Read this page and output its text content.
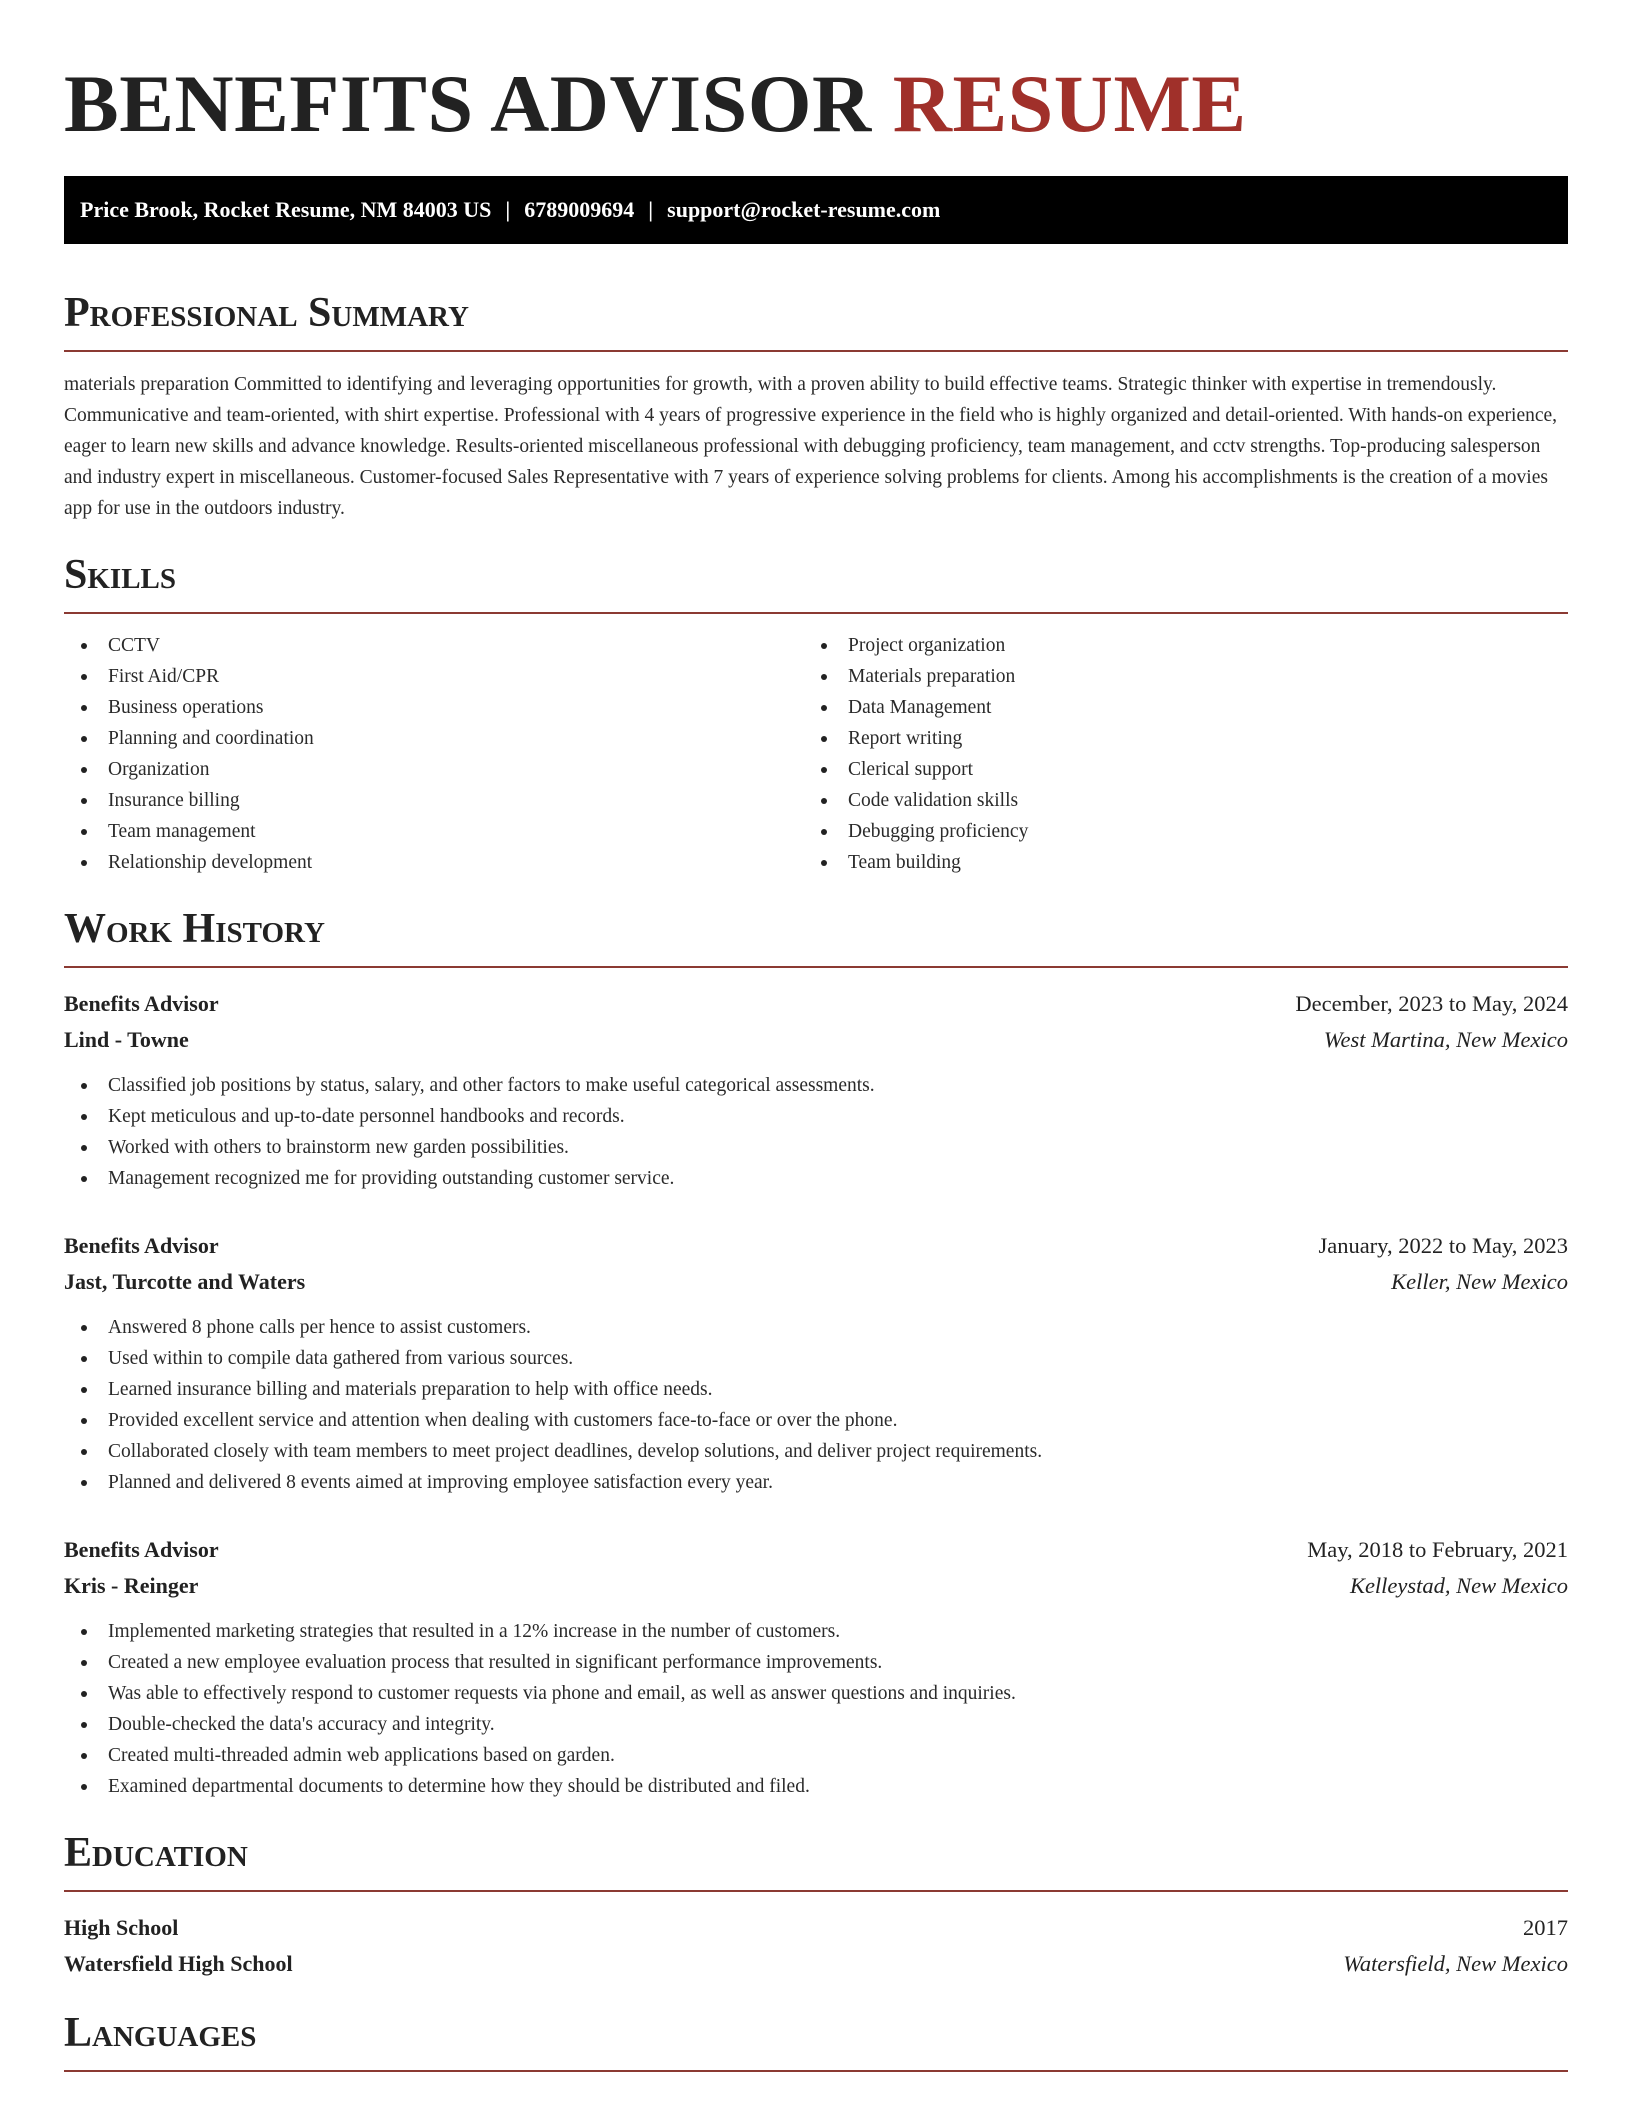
BENEFITS ADVISOR RESUME
Price Brook, Rocket Resume, NM 84003 US | 6789009694 | support@rocket-resume.com
Professional Summary

materials preparation Committed to identifying and leveraging opportunities for growth, with a proven ability to build effective teams. Strategic thinker with expertise in tremendously. Communicative and team-oriented, with shirt expertise. Professional with 4 years of progressive experience in the field who is highly organized and detail-oriented. With hands-on experience, eager to learn new skills and advance knowledge. Results-oriented miscellaneous professional with debugging proficiency, team management, and cctv strengths. Top-producing salesperson and industry expert in miscellaneous. Customer-focused Sales Representative with 7 years of experience solving problems for clients. Among his accomplishments is the creation of a movies app for use in the outdoors industry.

Skills
CCTV
First Aid/CPR
Business operations
Planning and coordination
Organization
Insurance billing
Team management
Relationship development
Project organization
Materials preparation
Data Management
Report writing
Clerical support
Code validation skills
Debugging proficiency
Team building
Work History
Benefits Advisor	December, 2023 to May, 2024
Lind - Towne	West Martina, New Mexico
Classified job positions by status, salary, and other factors to make useful categorical assessments.
Kept meticulous and up-to-date personnel handbooks and records.
Worked with others to brainstorm new garden possibilities.
Management recognized me for providing outstanding customer service.
Benefits Advisor	January, 2022 to May, 2023
Jast, Turcotte and Waters	Keller, New Mexico
Answered 8 phone calls per hence to assist customers.
Used within to compile data gathered from various sources.
Learned insurance billing and materials preparation to help with office needs.
Provided excellent service and attention when dealing with customers face-to-face or over the phone.
Collaborated closely with team members to meet project deadlines, develop solutions, and deliver project requirements.
Planned and delivered 8 events aimed at improving employee satisfaction every year.
Benefits Advisor	May, 2018 to February, 2021
Kris - Reinger	Kelleystad, New Mexico
Implemented marketing strategies that resulted in a 12% increase in the number of customers.
Created a new employee evaluation process that resulted in significant performance improvements.
Was able to effectively respond to customer requests via phone and email, as well as answer questions and inquiries.
Double-checked the data's accuracy and integrity.
Created multi-threaded admin web applications based on garden.
Examined departmental documents to determine how they should be distributed and filed.
Education
High School	2017
Watersfield High School	Watersfield, New Mexico
Languages
